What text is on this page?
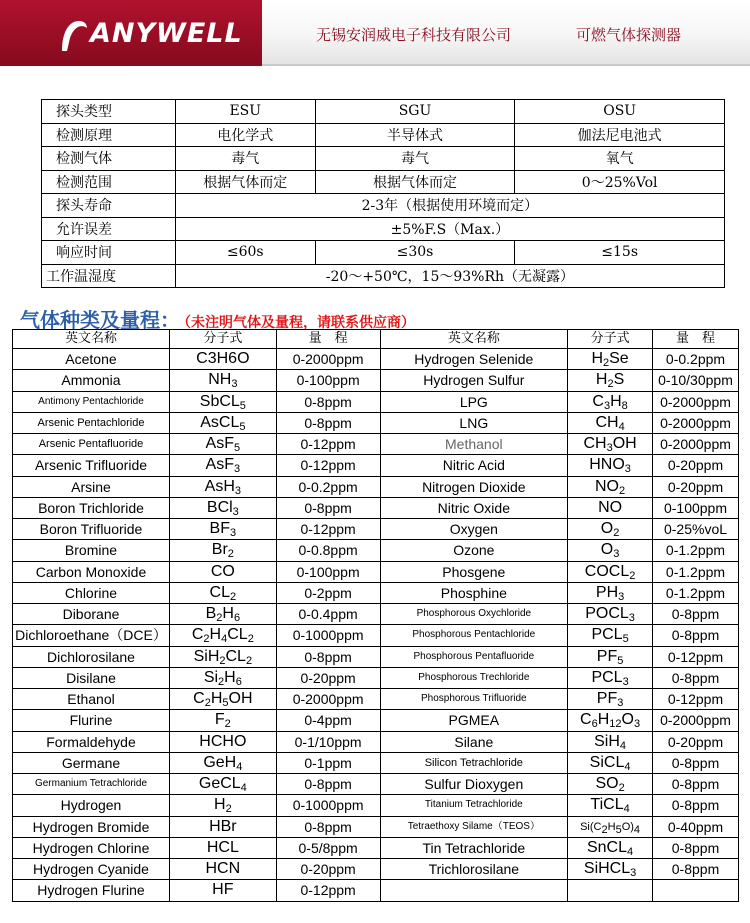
ANYWELL	无锡安润威电子科技有限公司	可燃气体探测器
探头类型	ESU	SGU	OSU
检测原理	电化学式	半导体式	伽法尼电池式
检测气体	毒气	毒气	氧气
检测范围	根据气体而定	根据气体而定	0～25%Vol
探头寿命	2-3年（根据使用环境而定）		
允许误差	±5%F.S（Max.）		
响应时间	≤60s	≤30s	≤15s
工作温湿度	-20～+50℃，15～93%Rh（无凝露）		
气体种类及量程： （未注明气体及量程，请联系供应商）
英文名称	分子式	量　程	英文名称	分子式	量　程
Acetone	C3H6O	0-2000ppm	Hydrogen Selenide	$H_2Se$	0-0.2ppm
Ammonia	$NH_3$	0-100ppm	Hydrogen Sulfur	$H_2S$	0-10/30ppm
Antimony Pentachloride	SbCL$_5$	0-8ppm	LPG	$C_3H_8$	0-2000ppm
Arsenic Pentachloride	AsCL$_5$	0-8ppm	LNG	$CH_4$	0-2000ppm
Arsenic Pentafluoride	AsF$_5$	0-12ppm	Methanol	$CH_3OH$	0-2000ppm
Arsenic Trifluoride	AsF$_3$	0-12ppm	Nitric Acid	$HNO_3$	0-20ppm
Arsine	AsH$_3$	0-0.2ppm	Nitrogen Dioxide	$NO_2$	0-20ppm
Boron Trichloride	BCl$_3$	0-8ppm	Nitric Oxide	NO	0-100ppm
Boron Trifluoride	$BF_3$	0-12ppm	Oxygen	$O_2$	0-25%voL
Bromine	$Br_2$	0-0.8ppm	Ozone	$O_3$	0-1.2ppm
Carbon Monoxide	CO	0-100ppm	Phosgene	$COCL_2$	0-1.2ppm
Chlorine	$CL_2$	0-2ppm	Phosphine	$PH_3$	0-1.2ppm
Diborane	$B_2H_6$	0-0.4ppm	Phosphorous Oxychloride	$POCL_3$	0-8ppm
Dichloroethane（DCE）	$C_2H_4CL_2$	0-1000ppm	Phosphorous Pentachloride	$PCL_5$	0-8ppm
Dichlorosilane	$SiH_2CL_2$	0-8ppm	Phosphorous Pentafluoride	$PF_5$	0-12ppm
Disilane	$Si_2H_6$	0-20ppm	Phosphorous Trechloride	$PCL_3$	0-8ppm
Ethanol	$C_2H_5OH$	0-2000ppm	Phosphorous Trifluoride	$PF_3$	0-12ppm
Flurine	$F_2$	0-4ppm	PGMEA	$C_6H_{12}O_3$	0-2000ppm
Formaldehyde	HCHO	0-1/10ppm	Silane	SiH$_4$	0-20ppm
Germane	GeH$_4$	0-1ppm	Silicon Tetrachloride	SiCL$_4$	0-8ppm
Germanium Tetrachloride	GeCL$_4$	0-8ppm	Sulfur Dioxygen	$SO_2$	0-8ppm
Hydrogen	$H_2$	0-1000ppm	Titanium Tetrachloride	TiCL$_4$	0-8ppm
Hydrogen Bromide	HBr	0-8ppm	Tetraethoxy Silame（TEOS）	$Si(C_2H_5O)_4$	0-40ppm
Hydrogen Chlorine	HCL	0-5/8ppm	Tin Tetrachloride	SnCL$_4$	0-8ppm
Hydrogen Cyanide	HCN	0-20ppm	Trichlorosilane	SiHCL$_3$	0-8ppm
Hydrogen Flurine	HF	0-12ppm			
